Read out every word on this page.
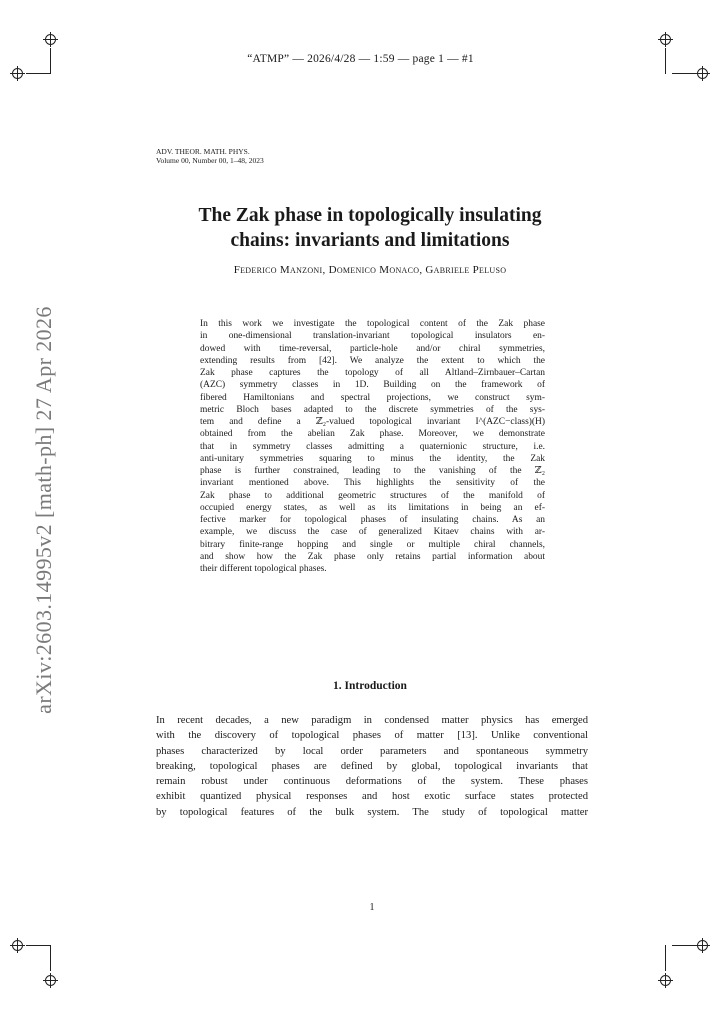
“ATMP” — 2026/4/28 — 1:59 — page 1 — #1
ADV. THEOR. MATH. PHYS.
Volume 00, Number 00, 1–48, 2023
The Zak phase in topologically insulating
chains: invariants and limitations
Federico Manzoni, Domenico Monaco, Gabriele Peluso
In this work we investigate the topological content of the Zak phase
in one-dimensional translation-invariant topological insulators en-
dowed with time-reversal, particle-hole and/or chiral symmetries,
extending results from [42]. We analyze the extent to which the
Zak phase captures the topology of all Altland–Zirnbauer–Cartan
(AZC) symmetry classes in 1D. Building on the framework of
fibered Hamiltonians and spectral projections, we construct sym-
metric Bloch bases adapted to the discrete symmetries of the sys-
tem and define a ℤ₂-valued topological invariant I^(AZC−class)(H)
obtained from the abelian Zak phase. Moreover, we demonstrate
that in symmetry classes admitting a quaternionic structure, i.e.
anti-unitary symmetries squaring to minus the identity, the Zak
phase is further constrained, leading to the vanishing of the ℤ₂
invariant mentioned above. This highlights the sensitivity of the
Zak phase to additional geometric structures of the manifold of
occupied energy states, as well as its limitations in being an ef-
fective marker for topological phases of insulating chains. As an
example, we discuss the case of generalized Kitaev chains with ar-
bitrary finite-range hopping and single or multiple chiral channels,
and show how the Zak phase only retains partial information about
their different topological phases.
1. Introduction
In recent decades, a new paradigm in condensed matter physics has emerged
with the discovery of topological phases of matter [13]. Unlike conventional
phases characterized by local order parameters and spontaneous symmetry
breaking, topological phases are defined by global, topological invariants that
remain robust under continuous deformations of the system. These phases
exhibit quantized physical responses and host exotic surface states protected
by topological features of the bulk system. The study of topological matter
1
arXiv:2603.14995v2 [math-ph] 27 Apr 2026
